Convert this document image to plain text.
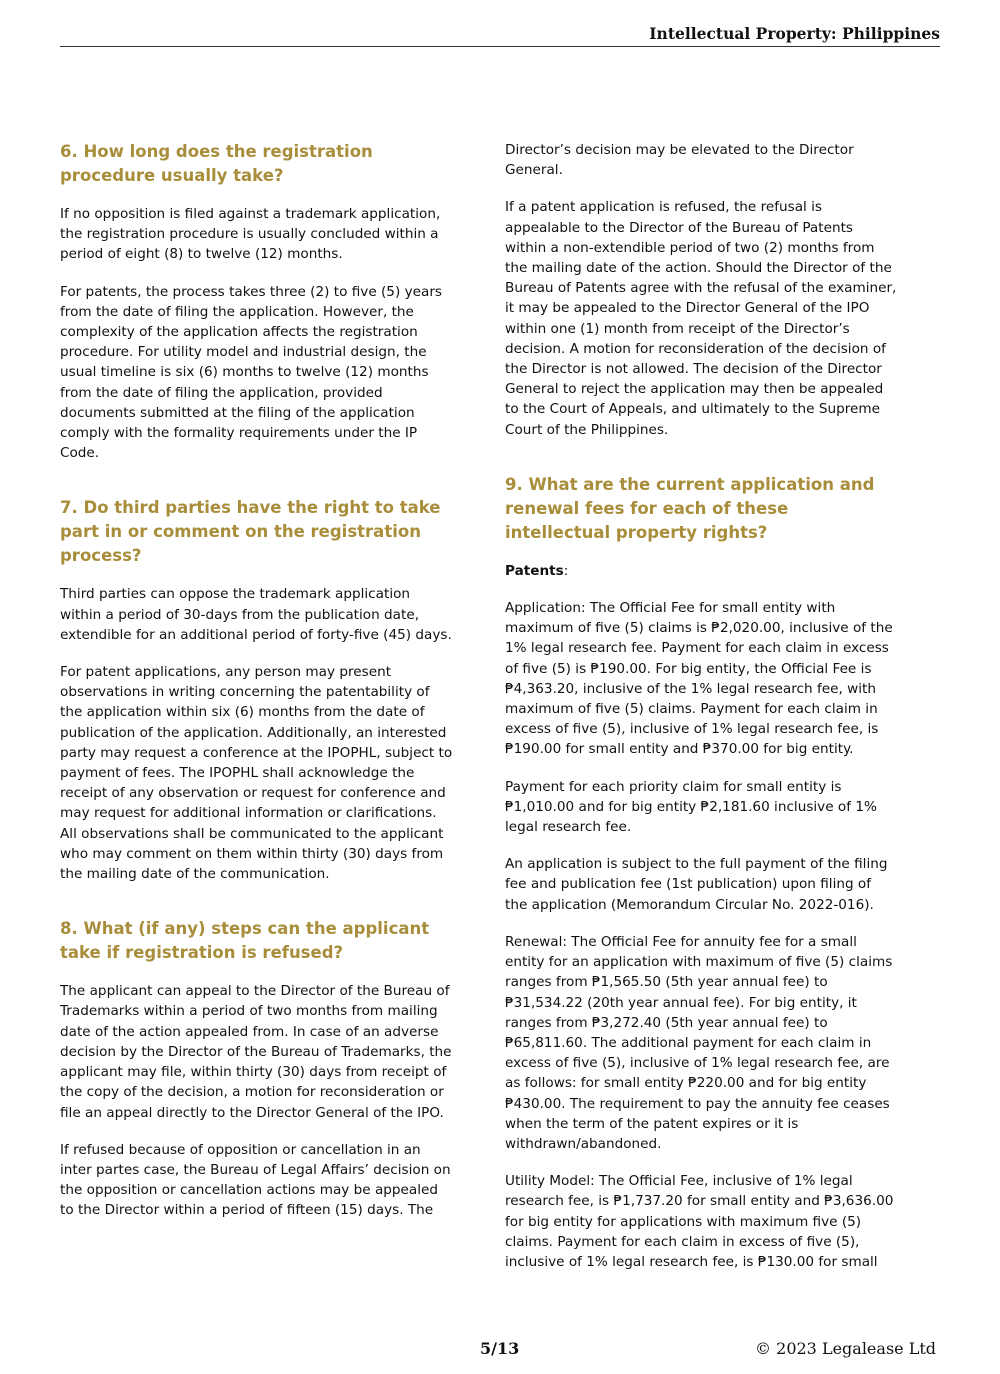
Intellectual Property: Philippines
6. How long does the registration procedure usually take?

If no opposition is filed against a trademark application, the registration procedure is usually concluded within a period of eight (8) to twelve (12) months.

For patents, the process takes three (2) to five (5) years from the date of filing the application. However, the complexity of the application affects the registration procedure. For utility model and industrial design, the usual timeline is six (6) months to twelve (12) months from the date of filing the application, provided documents submitted at the filing of the application comply with the formality requirements under the IP Code.

7. Do third parties have the right to take part in or comment on the registration process?

Third parties can oppose the trademark application within a period of 30-days from the publication date, extendible for an additional period of forty-five (45) days.

For patent applications, any person may present observations in writing concerning the patentability of the application within six (6) months from the date of publication of the application. Additionally, an interested party may request a conference at the IPOPHL, subject to payment of fees. The IPOPHL shall acknowledge the receipt of any observation or request for conference and may request for additional information or clarifications. All observations shall be communicated to the applicant who may comment on them within thirty (30) days from the mailing date of the communication.

8. What (if any) steps can the applicant take if registration is refused?

The applicant can appeal to the Director of the Bureau of Trademarks within a period of two months from mailing date of the action appealed from. In case of an adverse decision by the Director of the Bureau of Trademarks, the applicant may file, within thirty (30) days from receipt of the copy of the decision, a motion for reconsideration or file an appeal directly to the Director General of the IPO.

If refused because of opposition or cancellation in an inter partes case, the Bureau of Legal Affairs’ decision on the opposition or cancellation actions may be appealed to the Director within a period of fifteen (15) days. The

Director’s decision may be elevated to the Director General.

If a patent application is refused, the refusal is appealable to the Director of the Bureau of Patents within a non-extendible period of two (2) months from the mailing date of the action. Should the Director of the Bureau of Patents agree with the refusal of the examiner, it may be appealed to the Director General of the IPO within one (1) month from receipt of the Director’s decision. A motion for reconsideration of the decision of the Director is not allowed. The decision of the Director General to reject the application may then be appealed to the Court of Appeals, and ultimately to the Supreme Court of the Philippines.

9. What are the current application and renewal fees for each of these intellectual property rights?

Patents:

Application: The Official Fee for small entity with maximum of five (5) claims is ₱2,020.00, inclusive of the 1% legal research fee. Payment for each claim in excess of five (5) is ₱190.00. For big entity, the Official Fee is ₱4,363.20, inclusive of the 1% legal research fee, with maximum of five (5) claims. Payment for each claim in excess of five (5), inclusive of 1% legal research fee, is ₱190.00 for small entity and ₱370.00 for big entity.

Payment for each priority claim for small entity is ₱1,010.00 and for big entity ₱2,181.60 inclusive of 1% legal research fee.

An application is subject to the full payment of the filing fee and publication fee (1st publication) upon filing of the application (Memorandum Circular No. 2022-016).

Renewal: The Official Fee for annuity fee for a small entity for an application with maximum of five (5) claims ranges from ₱1,565.50 (5th year annual fee) to ₱31,534.22 (20th year annual fee). For big entity, it ranges from ₱3,272.40 (5th year annual fee) to ₱65,811.60. The additional payment for each claim in excess of five (5), inclusive of 1% legal research fee, are as follows: for small entity ₱220.00 and for big entity ₱430.00. The requirement to pay the annuity fee ceases when the term of the patent expires or it is withdrawn/abandoned.

Utility Model: The Official Fee, inclusive of 1% legal research fee, is ₱1,737.20 for small entity and ₱3,636.00 for big entity for applications with maximum five (5) claims. Payment for each claim in excess of five (5), inclusive of 1% legal research fee, is ₱130.00 for small

5/13	© 2023 Legalease Ltd
